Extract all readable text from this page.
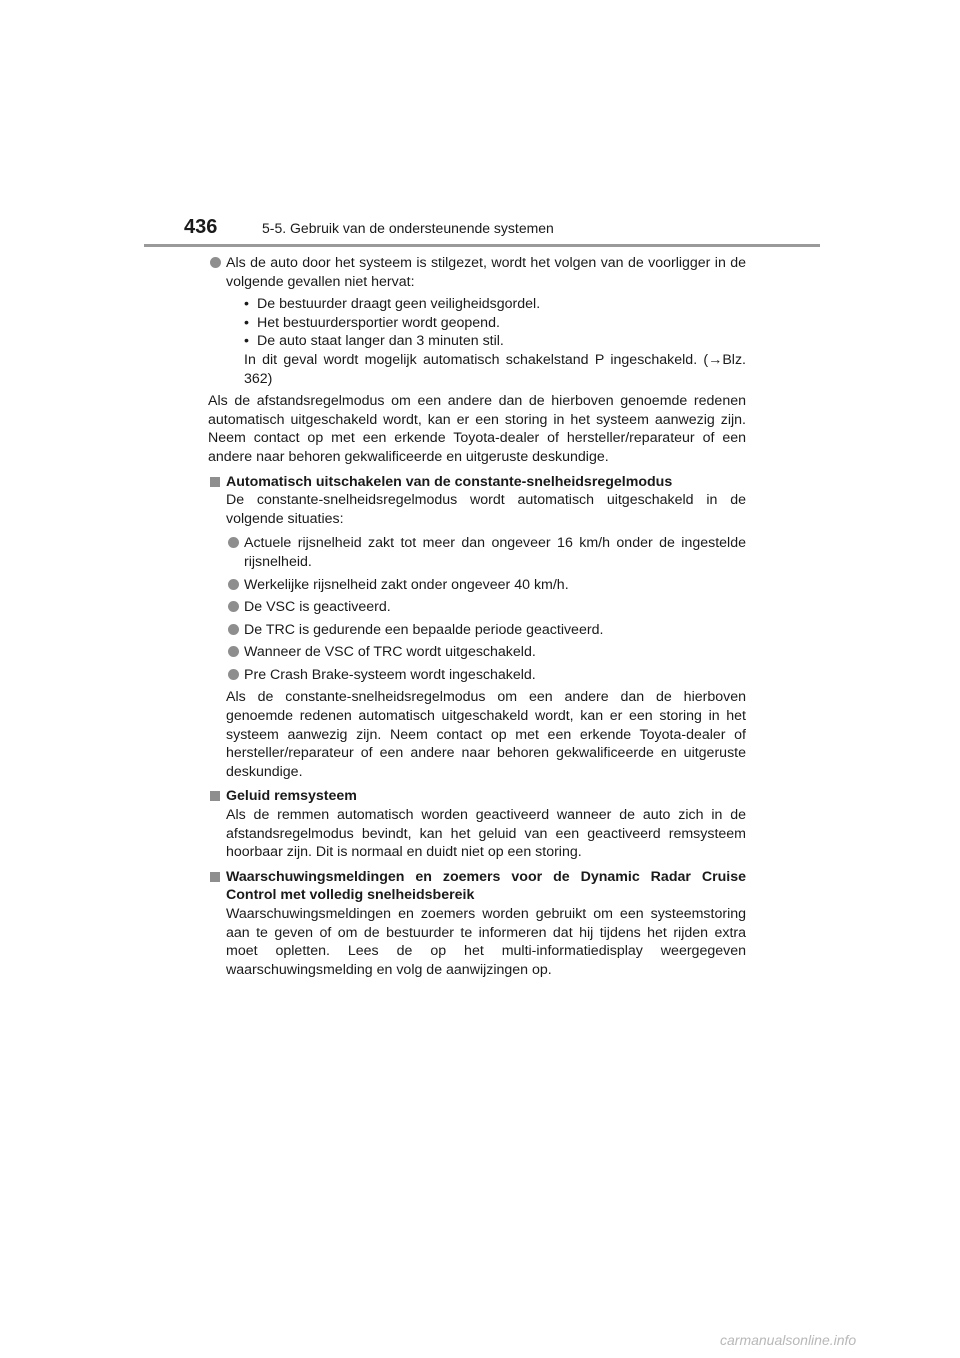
436	5-5. Gebruik van de ondersteunende systemen
Als de auto door het systeem is stilgezet, wordt het volgen van de voorligger in de volgende gevallen niet hervat:
• De bestuurder draagt geen veiligheidsgordel.
• Het bestuurdersportier wordt geopend.
• De auto staat langer dan 3 minuten stil.
In dit geval wordt mogelijk automatisch schakelstand P ingeschakeld. (→Blz. 362)

Als de afstandsregelmodus om een andere dan de hierboven genoemde redenen automatisch uitgeschakeld wordt, kan er een storing in het systeem aanwezig zijn. Neem contact op met een erkende Toyota-dealer of hersteller/reparateur of een andere naar behoren gekwalificeerde en uitgeruste deskundige.

Automatisch uitschakelen van de constante-snelheidsregelmodus

De constante-snelheidsregelmodus wordt automatisch uitgeschakeld in de volgende situaties:

Actuele rijsnelheid zakt tot meer dan ongeveer 16 km/h onder de ingestelde rijsnelheid.
Werkelijke rijsnelheid zakt onder ongeveer 40 km/h.
De VSC is geactiveerd.
De TRC is gedurende een bepaalde periode geactiveerd.
Wanneer de VSC of TRC wordt uitgeschakeld.
Pre Crash Brake-systeem wordt ingeschakeld.

Als de constante-snelheidsregelmodus om een andere dan de hierboven genoemde redenen automatisch uitgeschakeld wordt, kan er een storing in het systeem aanwezig zijn. Neem contact op met een erkende Toyota-dealer of hersteller/reparateur of een andere naar behoren gekwalificeerde en uitgeruste deskundige.

Geluid remsysteem

Als de remmen automatisch worden geactiveerd wanneer de auto zich in de afstandsregelmodus bevindt, kan het geluid van een geactiveerd remsysteem hoorbaar zijn. Dit is normaal en duidt niet op een storing.

Waarschuwingsmeldingen en zoemers voor de Dynamic Radar Cruise Control met volledig snelheidsbereik

Waarschuwingsmeldingen en zoemers worden gebruikt om een systeemstoring aan te geven of om de bestuurder te informeren dat hij tijdens het rijden extra moet opletten. Lees de op het multi-informatiedisplay weergegeven waarschuwingsmelding en volg de aanwijzingen op.

carmanualsonline.info
